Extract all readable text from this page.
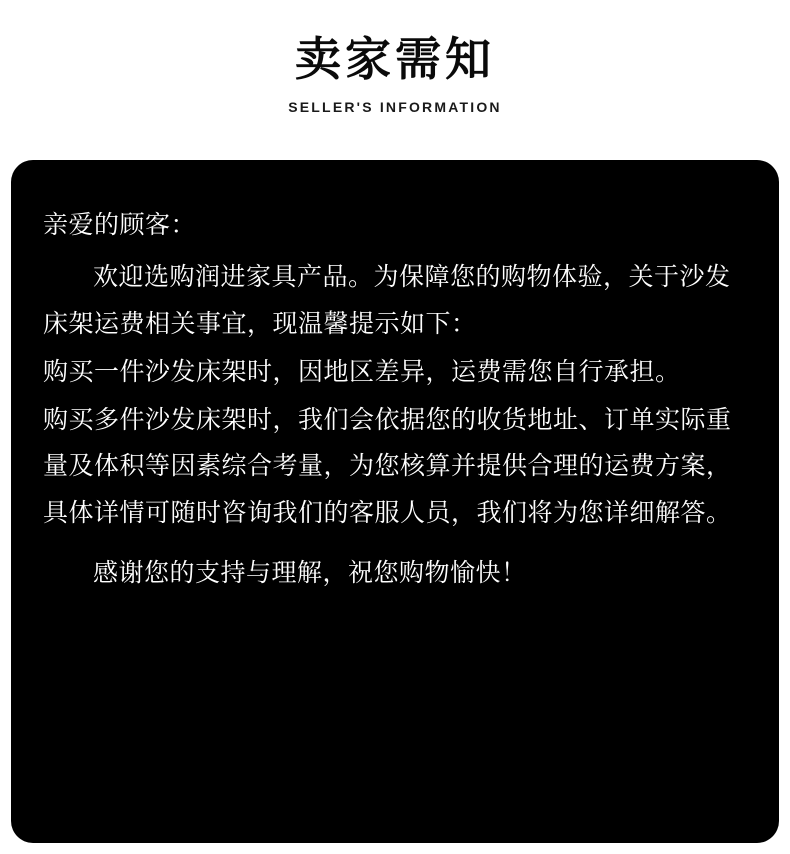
卖家需知

SELLER'S INFORMATION

亲爱的顾客：

欢迎选购润进家具产品。为保障您的购物体验，关于沙发床架运费相关事宜，现温馨提示如下：

购买一件沙发床架时，因地区差异，运费需您自行承担。

购买多件沙发床架时，我们会依据您的收货地址、订单实际重量及体积等因素综合考量，为您核算并提供合理的运费方案，具体详情可随时咨询我们的客服人员，我们将为您详细解答。

感谢您的支持与理解，祝您购物愉快！
